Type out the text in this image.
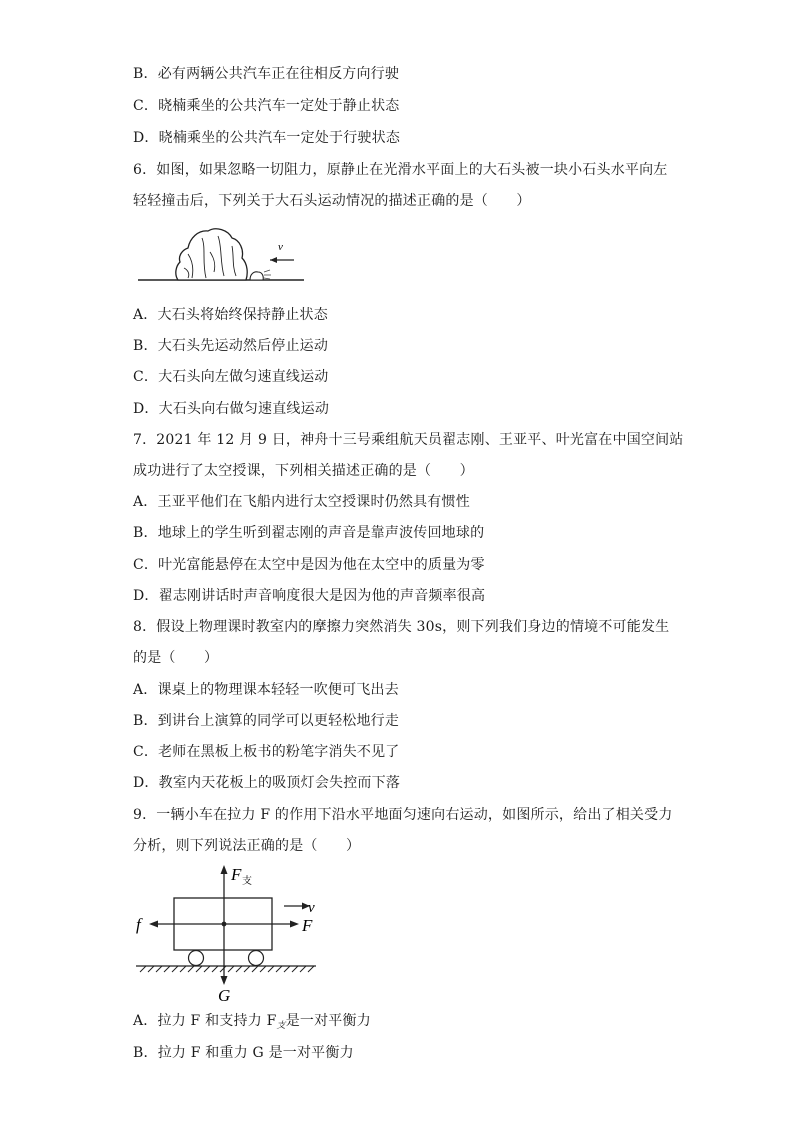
B．必有两辆公共汽车正在往相反方向行驶
C．晓楠乘坐的公共汽车一定处于静止状态
D．晓楠乘坐的公共汽车一定处于行驶状态
6．如图，如果忽略一切阻力，原静止在光滑水平面上的大石头被一块小石头水平向左
轻轻撞击后，下列关于大石头运动情况的描述正确的是（　　）
v
A．大石头将始终保持静止状态
B．大石头先运动然后停止运动
C．大石头向左做匀速直线运动
D．大石头向右做匀速直线运动
7．2021 年 12 月 9 日，神舟十三号乘组航天员翟志刚、王亚平、叶光富在中国空间站
成功进行了太空授课，下列相关描述正确的是（　　）
A．王亚平他们在飞船内进行太空授课时仍然具有惯性
B．地球上的学生听到翟志刚的声音是靠声波传回地球的
C．叶光富能悬停在太空中是因为他在太空中的质量为零
D．翟志刚讲话时声音响度很大是因为他的声音频率很高
8．假设上物理课时教室内的摩擦力突然消失 30s，则下列我们身边的情境不可能发生
的是（　　）
A．课桌上的物理课本轻轻一吹便可飞出去
B．到讲台上演算的同学可以更轻松地行走
C．老师在黑板上板书的粉笔字消失不见了
D．教室内天花板上的吸顶灯会失控而下落
9．一辆小车在拉力 F 的作用下沿水平地面匀速向右运动，如图所示，给出了相关受力
分析，则下列说法正确的是（　　）
F 支
G
f	F
v
A．拉力 F 和支持力 $F_支$是一对平衡力
B．拉力 F 和重力 G 是一对平衡力
